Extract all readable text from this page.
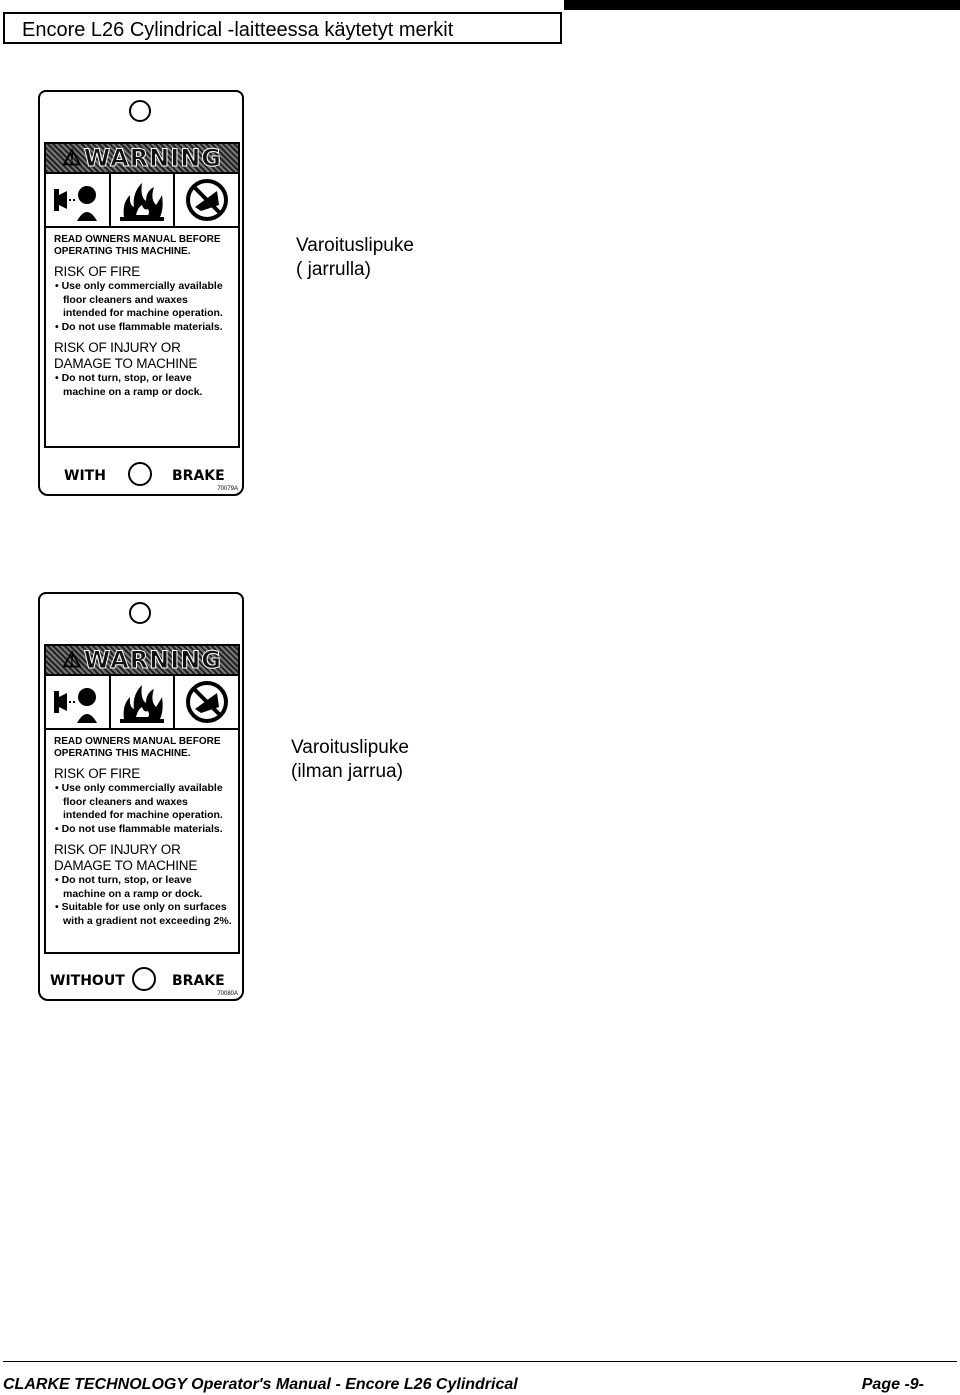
Encore L26 Cylindrical -laitteessa käytetyt merkit
⚠ WARNING
READ OWNERS MANUAL BEFORE
OPERATING THIS MACHINE.
RISK OF FIRE
• Use only commercially available floor cleaners and waxes intended for machine operation.
• Do not use flammable materials.
RISK OF INJURY OR DAMAGE TO MACHINE
• Do not turn, stop, or leave machine on a ramp or dock.
WITH	BRAKE
70079A
Varoituslipuke
( jarrulla)
⚠ WARNING
READ OWNERS MANUAL BEFORE
OPERATING THIS MACHINE.
RISK OF FIRE
• Use only commercially available floor cleaners and waxes intended for machine operation.
• Do not use flammable materials.
RISK OF INJURY OR DAMAGE TO MACHINE
• Do not turn, stop, or leave machine on a ramp or dock.
• Suitable for use only on surfaces with a gradient not exceeding 2%.
WITHOUT	BRAKE
70080A
Varoituslipuke
(ilman jarrua)
CLARKE TECHNOLOGY Operator's Manual - Encore L26 Cylindrical	Page -9-
